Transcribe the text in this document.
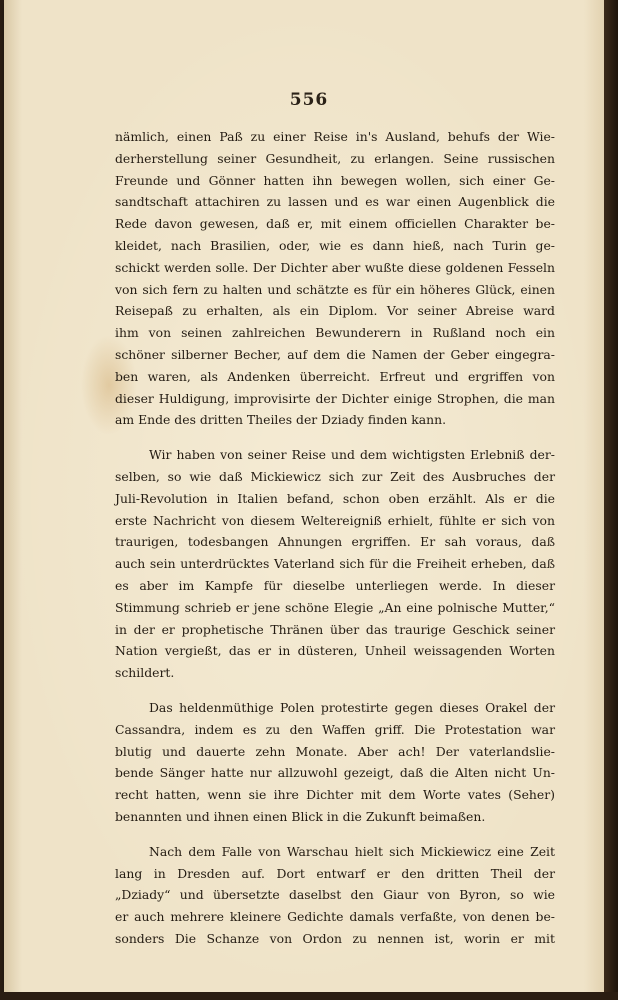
556
nämlich, einen Paß zu einer Reise in's Ausland, behufs der Wie-
derherstellung seiner Gesundheit, zu erlangen. Seine russischen
Freunde und Gönner hatten ihn bewegen wollen, sich einer Ge-
sandtschaft attachiren zu lassen und es war einen Augenblick die
Rede davon gewesen, daß er, mit einem officiellen Charakter be-
kleidet, nach Brasilien, oder, wie es dann hieß, nach Turin ge-
schickt werden solle. Der Dichter aber wußte diese goldenen Fesseln
von sich fern zu halten und schätzte es für ein höheres Glück, einen
Reisepaß zu erhalten, als ein Diplom. Vor seiner Abreise ward
ihm von seinen zahlreichen Bewunderern in Rußland noch ein
schöner silberner Becher, auf dem die Namen der Geber eingegra-
ben waren, als Andenken überreicht. Erfreut und ergriffen von
dieser Huldigung, improvisirte der Dichter einige Strophen, die man
am Ende des dritten Theiles der Dziady finden kann.
Wir haben von seiner Reise und dem wichtigsten Erlebniß der-
selben, so wie daß Mickiewicz sich zur Zeit des Ausbruches der
Juli-Revolution in Italien befand, schon oben erzählt. Als er die
erste Nachricht von diesem Weltereigniß erhielt, fühlte er sich von
traurigen, todesbangen Ahnungen ergriffen. Er sah voraus, daß
auch sein unterdrücktes Vaterland sich für die Freiheit erheben, daß
es aber im Kampfe für dieselbe unterliegen werde. In dieser
Stimmung schrieb er jene schöne Elegie „An eine polnische Mutter,“
in der er prophetische Thränen über das traurige Geschick seiner
Nation vergießt, das er in düsteren, Unheil weissagenden Worten
schildert.
Das heldenmüthige Polen protestirte gegen dieses Orakel der
Cassandra, indem es zu den Waffen griff. Die Protestation war
blutig und dauerte zehn Monate. Aber ach! Der vaterlandslie-
bende Sänger hatte nur allzuwohl gezeigt, daß die Alten nicht Un-
recht hatten, wenn sie ihre Dichter mit dem Worte vates (Seher)
benannten und ihnen einen Blick in die Zukunft beimaßen.
Nach dem Falle von Warschau hielt sich Mickiewicz eine Zeit
lang in Dresden auf. Dort entwarf er den dritten Theil der
„Dziady“ und übersetzte daselbst den Giaur von Byron, so wie
er auch mehrere kleinere Gedichte damals verfaßte, von denen be-
sonders Die Schanze von Ordon zu nennen ist, worin er mit
